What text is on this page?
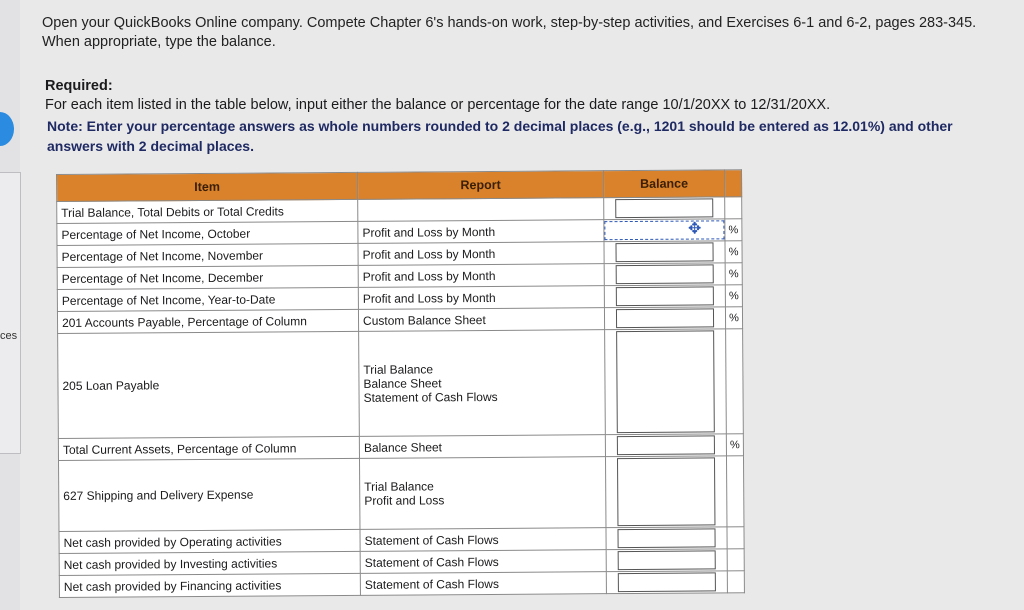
ces
Open your QuickBooks Online company. Compete Chapter 6's hands-on work, step-by-step activities, and Exercises 6-1 and 6-2, pages 283-345. When appropriate, type the balance.
Required:
For each item listed in the table below, input either the balance or percentage for the date range 10/1/20XX to 12/31/20XX.
Note: Enter your percentage answers as whole numbers rounded to 2 decimal places (e.g., 1201 should be entered as 12.01%) and other answers with 2 decimal places.
Item	Report	Balance	
Trial Balance, Total Debits or Total Credits		

Percentage of Net Income, October	Profit and Loss by Month	✥	%
Percentage of Net Income, November	Profit and Loss by Month		%
Percentage of Net Income, December	Profit and Loss by Month		%
Percentage of Net Income, Year-to-Date	Profit and Loss by Month		%
201 Accounts Payable, Percentage of Column	Custom Balance Sheet		%
205 Loan Payable	Trial Balance
Balance Sheet
Statement of Cash Flows		

Total Current Assets, Percentage of Column	Balance Sheet		%
627 Shipping and Delivery Expense	Trial Balance
Profit and Loss		

Net cash provided by Operating activities	Statement of Cash Flows	

Net cash provided by Investing activities	Statement of Cash Flows	

Net cash provided by Financing activities	Statement of Cash Flows	
